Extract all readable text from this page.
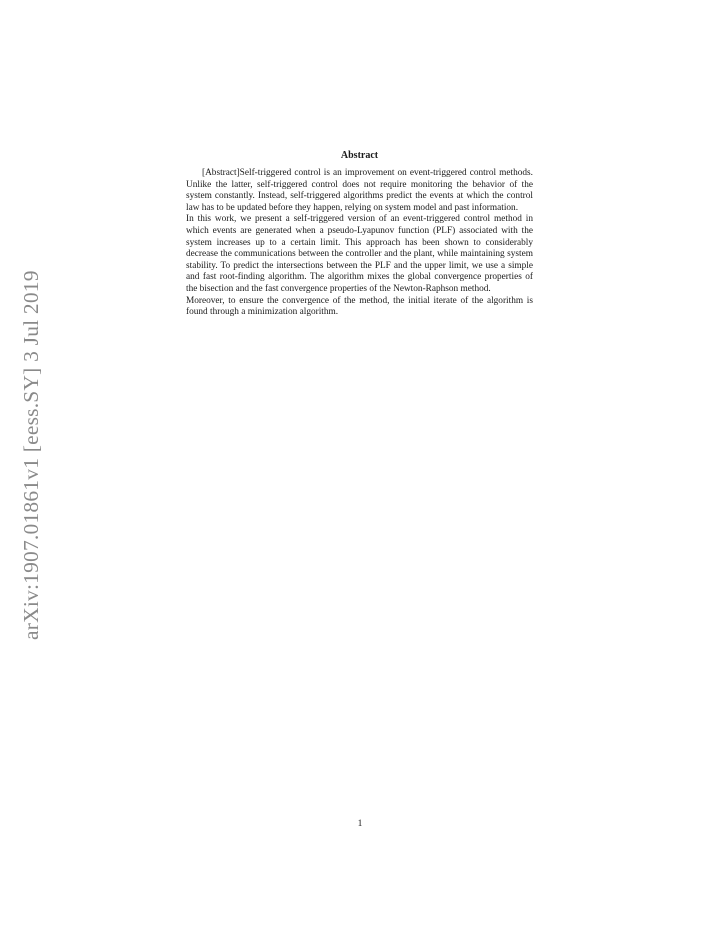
arXiv:1907.01861v1 [eess.SY] 3 Jul 2019
Abstract

[Abstract]Self-triggered control is an improvement on event-triggered control methods. Unlike the latter, self-triggered control does not require monitoring the behavior of the system constantly. Instead, self-triggered algorithms predict the events at which the control law has to be updated before they happen, relying on system model and past information.

In this work, we present a self-triggered version of an event-triggered control method in which events are generated when a pseudo-Lyapunov function (PLF) associated with the system increases up to a certain limit. This approach has been shown to considerably decrease the communications between the controller and the plant, while maintaining system stability. To predict the intersections between the PLF and the upper limit, we use a simple and fast root-finding algorithm. The algorithm mixes the global convergence properties of the bisection and the fast convergence properties of the Newton-Raphson method.

Moreover, to ensure the convergence of the method, the initial iterate of the algorithm is found through a minimization algorithm.

1
